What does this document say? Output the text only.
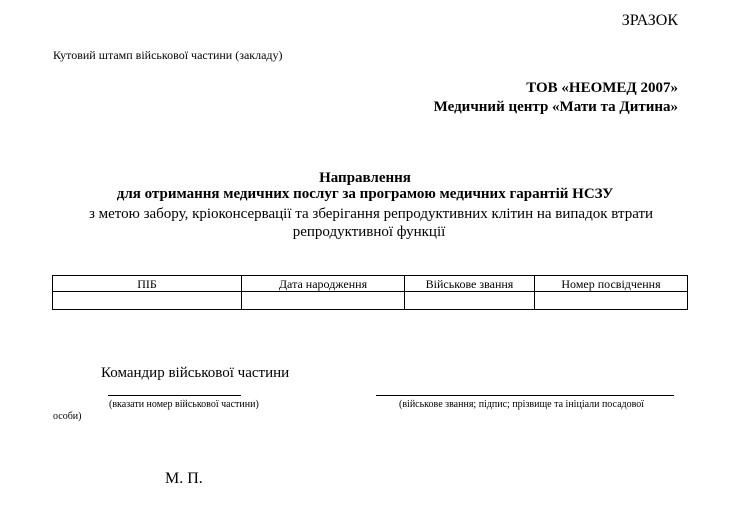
ЗРАЗОК
Кутовий штамп військової частини (закладу)
ТОВ «НЕОМЕД 2007»
Медичний центр «Мати та Дитина»
Направлення
для отримання медичних послуг за програмою медичних гарантій НСЗУ
з метою забору, кріоконсервації та зберігання репродуктивних клітин на випадок втрати
репродуктивної функції
ПІБ	Дата народження	Військове звання	Номер посвідчення

Командир військової частини
(вказати номер військової частини)	(військове звання; підпис; прізвище та ініціали посадової
особи)
М. П.
